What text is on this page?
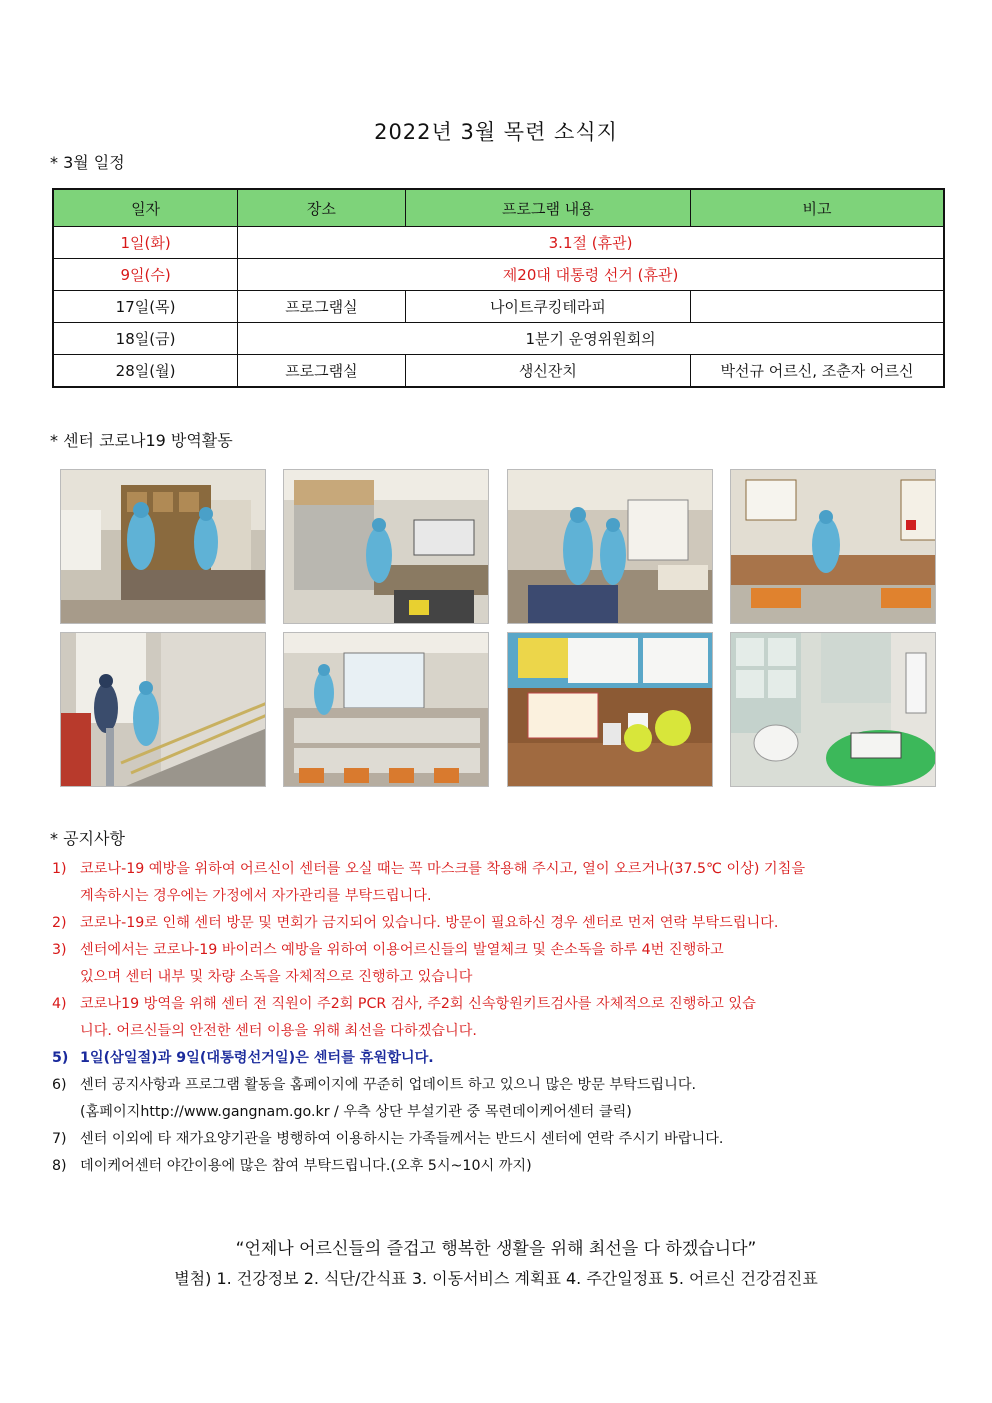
2022년 3월 목련 소식지
* 3월 일정
일자	장소	프로그램 내용	비고
1일(화)	3.1절 (휴관)		
9일(수)	제20대 대통령 선거 (휴관)		
17일(목)	프로그램실	나이트쿠킹테라피	
18일(금)	1분기 운영위원회의		
28일(월)	프로그램실	생신잔치	박선규 어르신, 조춘자 어르신
* 센터 코로나19 방역활동
* 공지사항
1) 코로나-19 예방을 위하여 어르신이 센터를 오실 때는 꼭 마스크를 착용해 주시고, 열이 오르거나(37.5℃ 이상) 기침을
계속하시는 경우에는 가정에서 자가관리를 부탁드립니다.
2) 코로나-19로 인해 센터 방문 및 면회가 금지되어 있습니다. 방문이 필요하신 경우 센터로 먼저 연락 부탁드립니다.
3) 센터에서는 코로나-19 바이러스 예방을 위하여 이용어르신들의 발열체크 및 손소독을 하루 4번 진행하고
있으며 센터 내부 및 차량 소독을 자체적으로 진행하고 있습니다
4) 코로나19 방역을 위해 센터 전 직원이 주2회 PCR 검사, 주2회 신속항원키트검사를 자체적으로 진행하고 있습
니다. 어르신들의 안전한 센터 이용을 위해 최선을 다하겠습니다.
5) 1일(삼일절)과 9일(대통령선거일)은 센터를 휴원합니다.
6) 센터 공지사항과 프로그램 활동을 홈페이지에 꾸준히 업데이트 하고 있으니 많은 방문 부탁드립니다.
(홈페이지http://www.gangnam.go.kr / 우측 상단 부설기관 중 목련데이케어센터 클릭)
7) 센터 이외에 타 재가요양기관을 병행하여 이용하시는 가족들께서는 반드시 센터에 연락 주시기 바랍니다.
8) 데이케어센터 야간이용에 많은 참여 부탁드립니다.(오후 5시~10시 까지)
“언제나 어르신들의 즐겁고 행복한 생활을 위해 최선을 다 하겠습니다”
별첨) 1. 건강정보 2. 식단/간식표 3. 이동서비스 계획표 4. 주간일정표 5. 어르신 건강검진표
